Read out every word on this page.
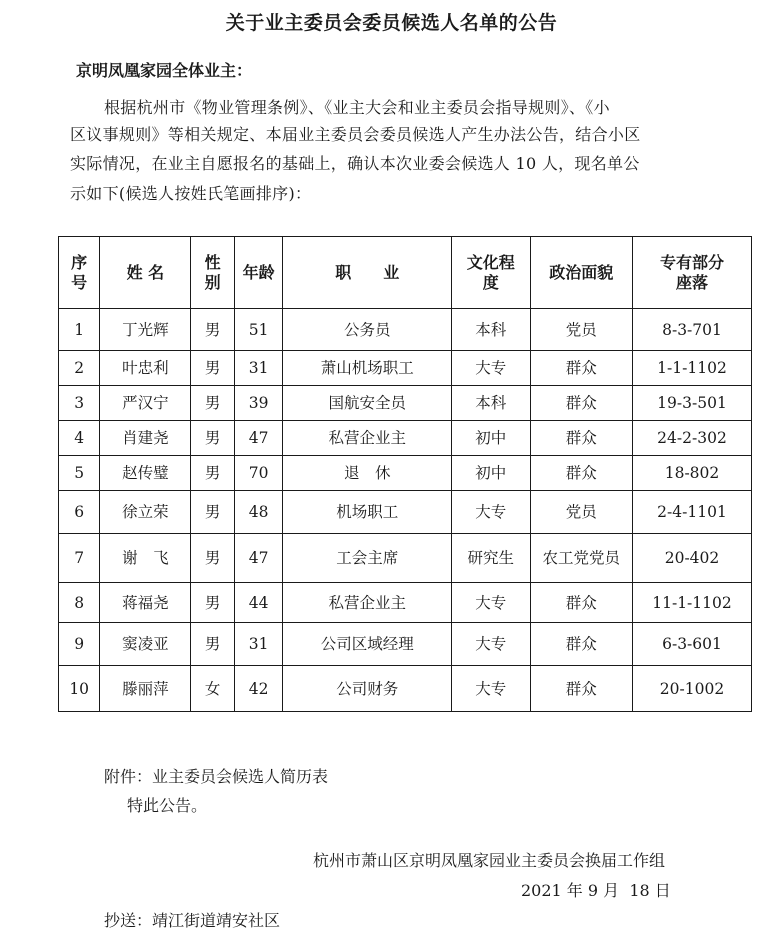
关于业主委员会委员候选人名单的公告
京明凤凰家园全体业主：
根据杭州市《物业管理条例》、《业主大会和业主委员会指导规则》、《小
区议事规则》等相关规定、本届业主委员会委员候选人产生办法公告，结合小区
实际情况，在业主自愿报名的基础上，确认本次业委会候选人 10 人，现名单公
示如下(候选人按姓氏笔画排序)：
序
号	姓 名	性
别	年龄	职　　业	文化程
度	政治面貌	专有部分
座落
1	丁光辉	男	51	公务员	本科	党员	8-3-701
2	叶忠利	男	31	萧山机场职工	大专	群众	1-1-1102
3	严汉宁	男	39	国航安全员	本科	群众	19-3-501
4	肖建尧	男	47	私营企业主	初中	群众	24-2-302
5	赵传璧	男	70	退　休	初中	群众	18-802
6	徐立荣	男	48	机场职工	大专	党员	2-4-1101
7	谢　飞	男	47	工会主席	研究生	农工党党员	20-402
8	蒋福尧	男	44	私营企业主	大专	群众	11-1-1102
9	窦凌亚	男	31	公司区域经理	大专	群众	6-3-601
10	滕丽萍	女	42	公司财务	大专	群众	20-1002
附件：业主委员会候选人简历表
特此公告。
杭州市萧山区京明凤凰家园业主委员会换届工作组
2021 年 9 月  18 日
抄送：靖江街道靖安社区
